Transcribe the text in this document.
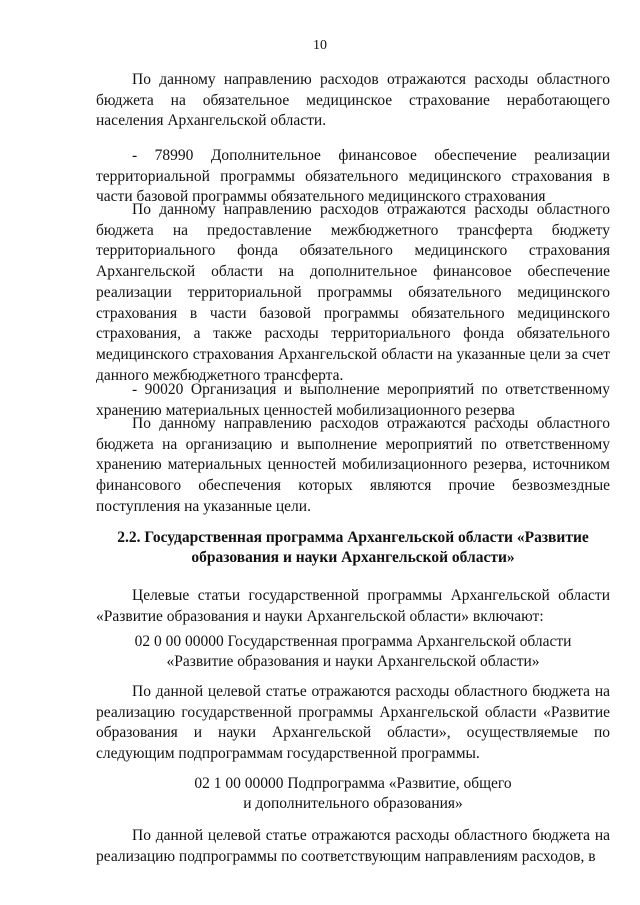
10
По данному направлению расходов отражаются расходы областного бюджета на обязательное медицинское страхование неработающего населения Архангельской области.
- 78990 Дополнительное финансовое обеспечение реализации территориальной программы обязательного медицинского страхования в части базовой программы обязательного медицинского страхования
По данному направлению расходов отражаются расходы областного бюджета на предоставление межбюджетного трансферта бюджету территориального фонда обязательного медицинского страхования Архангельской области на дополнительное финансовое обеспечение реализации территориальной программы обязательного медицинского страхования в части базовой программы обязательного медицинского страхования, а также расходы территориального фонда обязательного медицинского страхования Архангельской области на указанные цели за счет данного межбюджетного трансферта.
- 90020 Организация и выполнение мероприятий по ответственному хранению материальных ценностей мобилизационного резерва
По данному направлению расходов отражаются расходы областного бюджета на организацию и выполнение мероприятий по ответственному хранению материальных ценностей мобилизационного резерва, источником финансового обеспечения которых являются прочие безвозмездные поступления на указанные цели.
2.2. Государственная программа Архангельской области «Развитие
образования и науки Архангельской области»
Целевые статьи государственной программы Архангельской области «Развитие образования и науки Архангельской области» включают:
02 0 00 00000 Государственная программа Архангельской области
«Развитие образования и науки Архангельской области»
По данной целевой статье отражаются расходы областного бюджета на реализацию государственной программы Архангельской области «Развитие образования и науки Архангельской области», осуществляемые по следующим подпрограммам государственной программы.
02 1 00 00000 Подпрограмма «Развитие, общего
и дополнительного образования»
По данной целевой статье отражаются расходы областного бюджета на реализацию подпрограммы по соответствующим направлениям расходов, в
